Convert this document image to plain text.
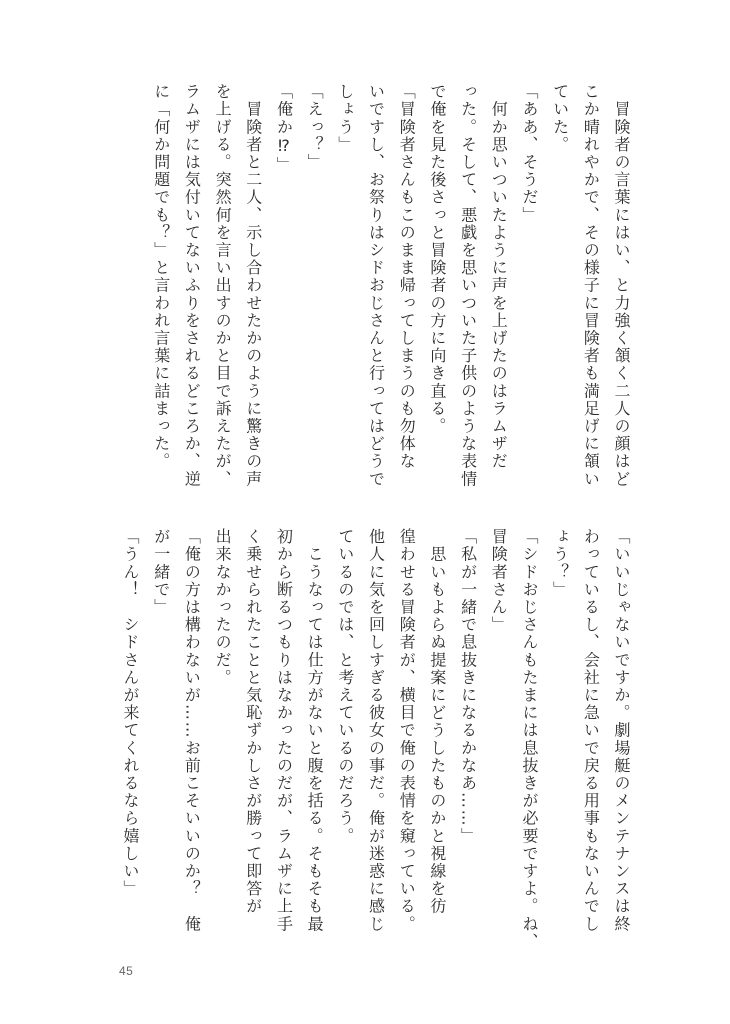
　冒険者の言葉にはい、と力強く頷く二人の顔はど
こか晴れやかで、その様子に冒険者も満足げに頷い
ていた。
「ああ、そうだ」
　何か思いついたように声を上げたのはラムザだ
った。そして、悪戯を思いついた子供のような表情
で俺を見た後さっと冒険者の方に向き直る。
「冒険者さんもこのまま帰ってしまうのも勿体な
いですし、お祭りはシドおじさんと行ってはどうで
しょう」
「えっ？」
「俺か⁉」
　冒険者と二人、示し合わせたかのように驚きの声
を上げる。突然何を言い出すのかと目で訴えたが、
ラムザには気付いてないふりをされるどころか、逆
に「何か問題でも？」と言われ言葉に詰まった。
「いいじゃないですか。劇場艇のメンテナンスは終
わっているし、会社に急いで戻る用事もないんでし
ょう？」
「シドおじさんもたまには息抜きが必要ですよ。ね、
冒険者さん」
「私が一緒で息抜きになるかなあ……」
　思いもよらぬ提案にどうしたものかと視線を彷
徨わせる冒険者が、横目で俺の表情を窺っている。
他人に気を回しすぎる彼女の事だ。俺が迷惑に感じ
ているのでは、と考えているのだろう。
　こうなっては仕方がないと腹を括る。そもそも最
初から断るつもりはなかったのだが、ラムザに上手
く乗せられたことと気恥ずかしさが勝って即答が
出来なかったのだ。
「俺の方は構わないが……お前こそいいのか？　俺
が一緒で」
「うん！　シドさんが来てくれるなら嬉しい」
45
